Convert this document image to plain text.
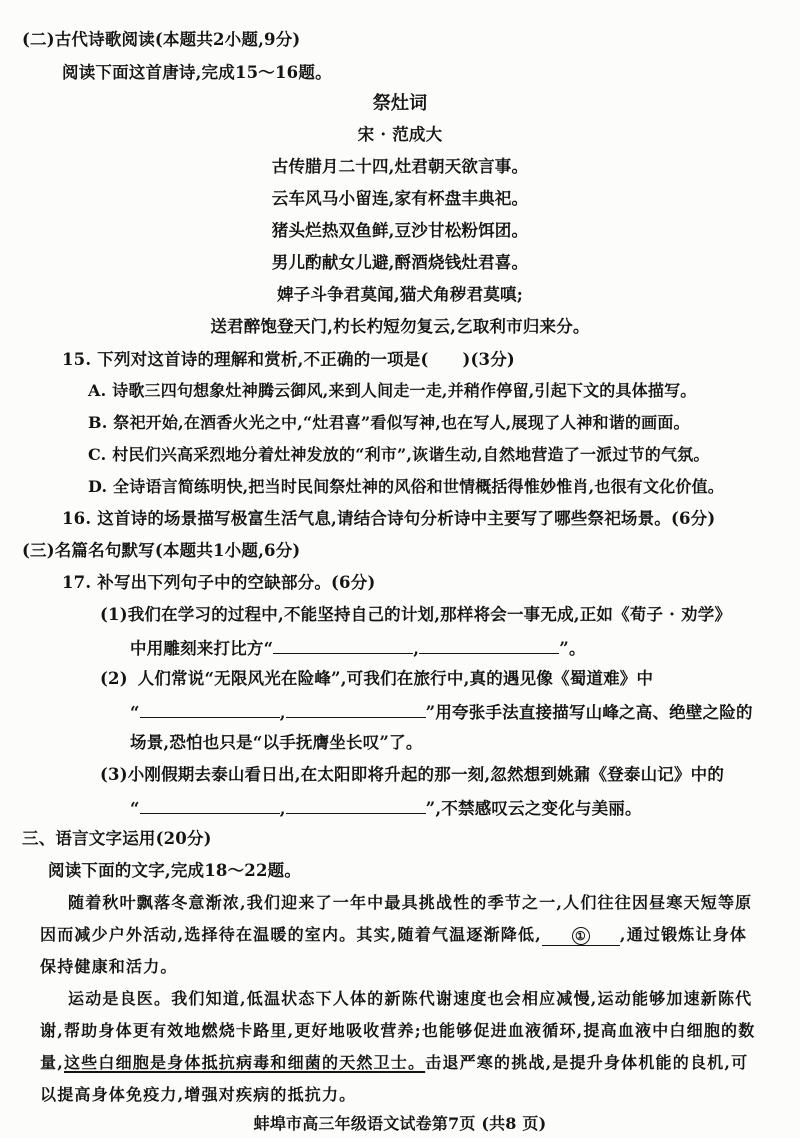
(二)古代诗歌阅读(本题共2小题,9分)
阅读下面这首唐诗,完成15～16题。
祭灶词
宋 · 范成大
古传腊月二十四,灶君朝天欲言事。
云车风马小留连,家有杯盘丰典祀。
猪头烂热双鱼鲜,豆沙甘松粉饵团。
男儿酌献女儿避,酹酒烧钱灶君喜。
婢子斗争君莫闻,猫犬角秽君莫嗔;
送君醉饱登天门,杓长杓短勿复云,乞取利市归来分。
15. 下列对这首诗的理解和赏析,不正确的一项是( )(3分)
A. 诗歌三四句想象灶神腾云御风,来到人间走一走,并稍作停留,引起下文的具体描写。
B. 祭祀开始,在酒香火光之中,“灶君喜”看似写神,也在写人,展现了人神和谐的画面。
C. 村民们兴高采烈地分着灶神发放的“利市”,诙谐生动,自然地营造了一派过节的气氛。
D. 全诗语言简练明快,把当时民间祭灶神的风俗和世情概括得惟妙惟肖,也很有文化价值。
16. 这首诗的场景描写极富生活气息,请结合诗句分析诗中主要写了哪些祭祀场景。(6分)
(三)名篇名句默写(本题共1小题,6分)
17. 补写出下列句子中的空缺部分。(6分)
(1)我们在学习的过程中,不能坚持自己的计划,那样将会一事无成,正如《荀子 · 劝学》
中用雕刻来打比方“	,	”。
(2) 人们常说“无限风光在险峰”,可我们在旅行中,真的遇见像《蜀道难》中
“	,	”用夸张手法直接描写山峰之高、绝壁之险的
场景,恐怕也只是“以手抚膺坐长叹”了。
(3)小刚假期去泰山看日出,在太阳即将升起的那一刻,忽然想到姚鼐《登泰山记》中的
“	,	”,不禁感叹云之变化与美丽。
三、语言文字运用(20分)
阅读下面的文字,完成18～22题。
随着秋叶飘落冬意渐浓,我们迎来了一年中最具挑战性的季节之一,人们往往因昼寒天短等原
因而减少户外活动,选择待在温暖的室内。其实,随着气温逐渐降低,	① ,通过锻炼让身体
保持健康和活力。
运动是良医。我们知道,低温状态下人体的新陈代谢速度也会相应减慢,运动能够加速新陈代
谢,帮助身体更有效地燃烧卡路里,更好地吸收营养;也能够促进血液循环,提高血液中白细胞的数
量,这些白细胞是身体抵抗病毒和细菌的天然卫士。击退严寒的挑战,是提升身体机能的良机,可
以提高身体免疫力,增强对疾病的抵抗力。
蚌埠市高三年级语文试卷第7页 (共8 页)
